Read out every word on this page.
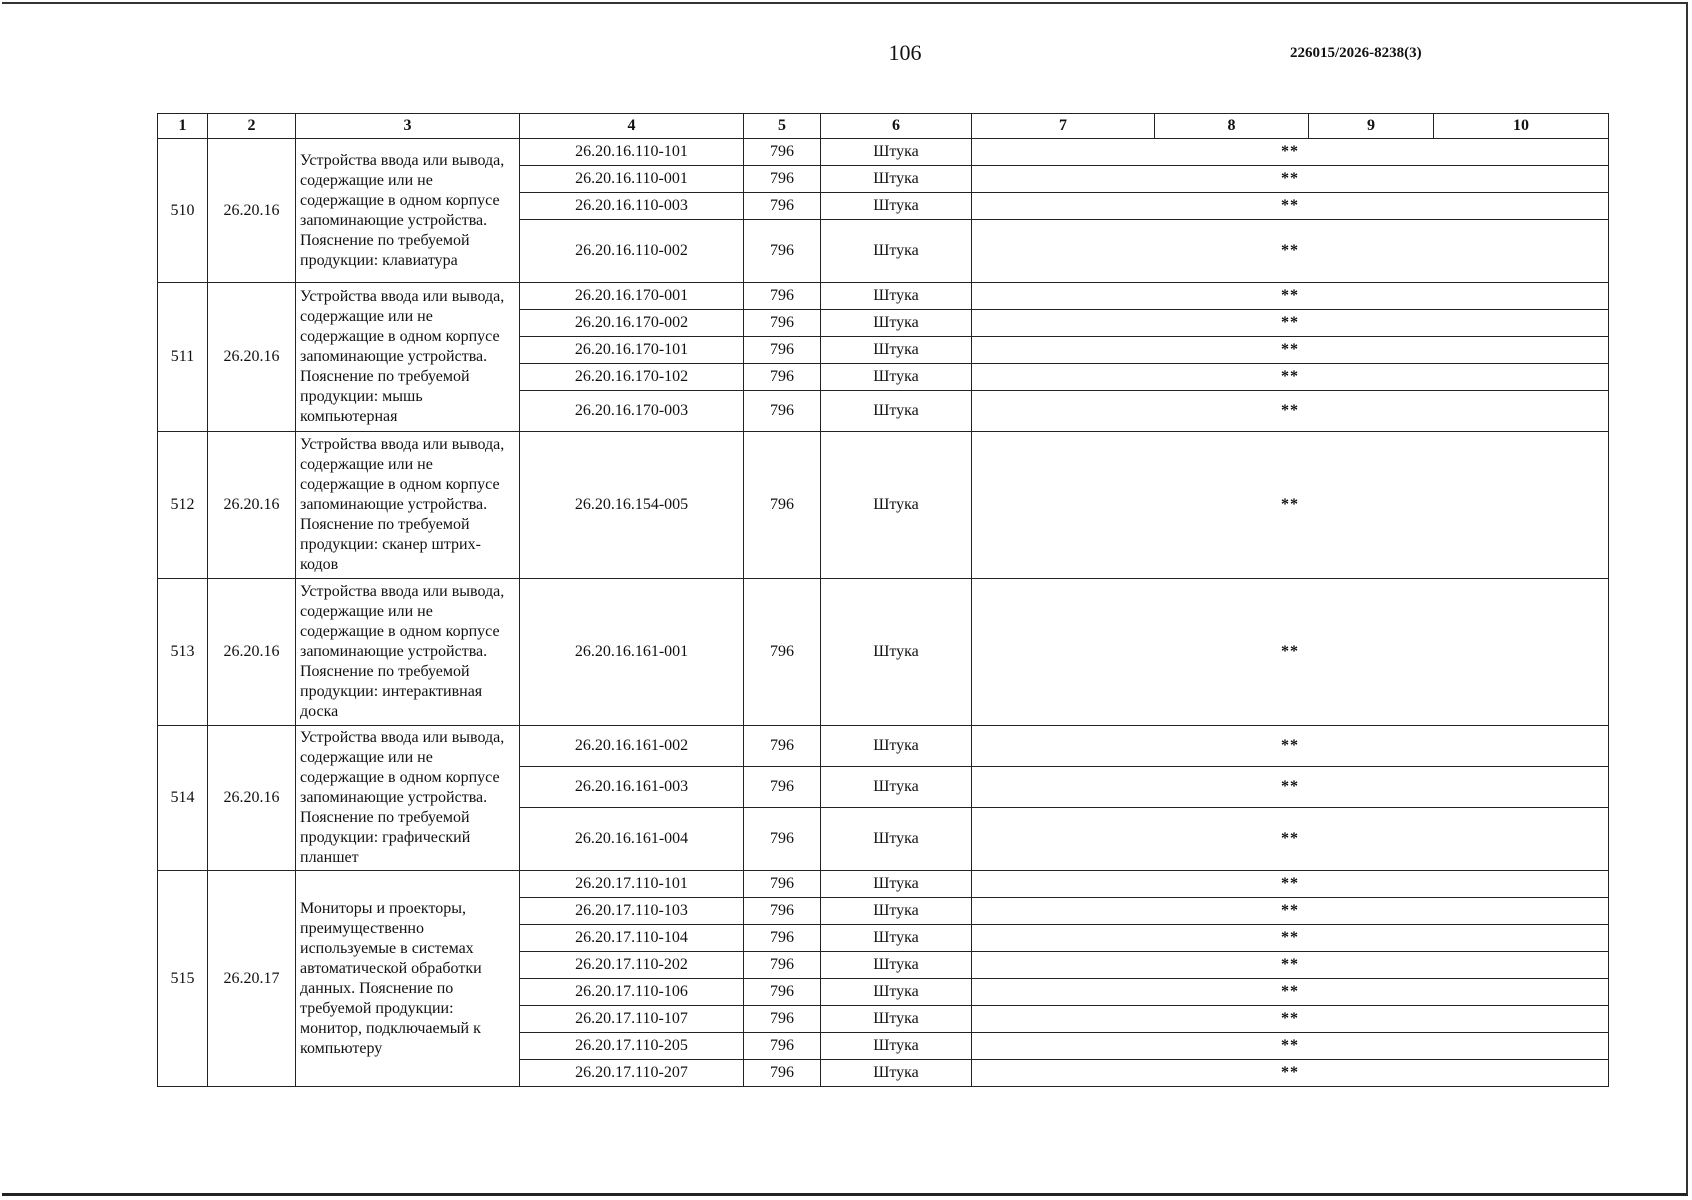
106	226015/2026-8238(3)
1	2	3	4	5	6	7	8	9	10
510	26.20.16	Устройства ввода или вывода, содержащие или не содержащие в одном корпусе запоминающие устройства. Пояснение по требуемой продукции: клавиатура	26.20.16.110-101	796	Штука	**			
			26.20.16.110-001	796	Штука	**			
			26.20.16.110-003	796	Штука	**			
			26.20.16.110-002	796	Штука	**			
511	26.20.16	Устройства ввода или вывода, содержащие или не содержащие в одном корпусе запоминающие устройства. Пояснение по требуемой продукции: мышь компьютерная	26.20.16.170-001	796	Штука	**			
			26.20.16.170-002	796	Штука	**			
			26.20.16.170-101	796	Штука	**			
			26.20.16.170-102	796	Штука	**			
			26.20.16.170-003	796	Штука	**			
512	26.20.16	Устройства ввода или вывода, содержащие или не содержащие в одном корпусе запоминающие устройства. Пояснение по требуемой продукции: сканер штрих-кодов	26.20.16.154-005	796	Штука	**			
513	26.20.16	Устройства ввода или вывода, содержащие или не содержащие в одном корпусе запоминающие устройства. Пояснение по требуемой продукции: интерактивная доска	26.20.16.161-001	796	Штука	**			
514	26.20.16	Устройства ввода или вывода, содержащие или не содержащие в одном корпусе запоминающие устройства. Пояснение по требуемой продукции: графический планшет	26.20.16.161-002	796	Штука	**			
			26.20.16.161-003	796	Штука	**			
			26.20.16.161-004	796	Штука	**			
515	26.20.17	Мониторы и проекторы, преимущественно используемые в системах автоматической обработки данных. Пояснение по требуемой продукции: монитор, подключаемый к компьютеру	26.20.17.110-101	796	Штука	**			
			26.20.17.110-103	796	Штука	**			
			26.20.17.110-104	796	Штука	**			
			26.20.17.110-202	796	Штука	**			
			26.20.17.110-106	796	Штука	**			
			26.20.17.110-107	796	Штука	**			
			26.20.17.110-205	796	Штука	**			
			26.20.17.110-207	796	Штука	**			
